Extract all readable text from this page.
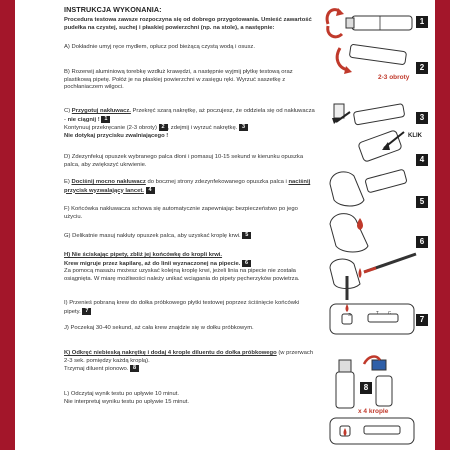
INSTRUKCJA WYKONANIA:
Procedura testowa zawsze rozpoczyna się od dobrego przygotowania. Umieść zawartość pudełka na czystej, suchej i płaskiej powierzchni (np. na stole), a następnie:
A) Dokładnie umyj ręce mydłem, opłucz pod bieżącą czystą wodą i osusz.
B) Rozerwij aluminiową torebkę wzdłuż krawędzi, a następnie wyjmij płytkę testową oraz plastikową pipetę. Połóż je na płaskiej powierzchni w zasięgu ręki. Wyrzuć saszetkę z pochłaniaczem wilgoci.
C) Przygotuj nakłuwacz. Przekręć szarą nakrętkę, aż poczujesz, że oddziela się od nakłuwacza - nie ciągnij ! 1
Kontynuuj przekręcanie (2-3 obroty) 2 , zdejmij i wyrzuć nakrętkę. 3
Nie dotykaj przycisku zwalniającego !
D) Zdezynfekuj opuszek wybranego palca dłoni i pomasuj 10-15 sekund w kierunku opuszka palca, aby zwiększyć ukrwienie.
E) Dociśnij mocno nakłuwacz do bocznej strony zdezynfekowanego opuszka palca i naciśnij przycisk wyzwalający lancet. 4
F) Końcówka nakłuwacza schowa się automatycznie zapewniając bezpieczeństwo po jego użyciu.
G) Delikatnie masuj nakłuty opuszek palca, aby uzyskać kroplę krwi. 5
H) Nie ściskając pipety, zbliż jej końcówkę do kropli krwi.
Krew migruje przez kapilarę, aż do linii wyznaczonej na pipecie. 6
Za pomocą masażu możesz uzyskać kolejną kroplę krwi, jeżeli linia na pipecie nie została osiągnięta. W miarę możliwości należy unikać wciągania do pipety pęcherzyków powietrza.
I) Przenieś pobraną krew do dołka próbkowego płytki testowej poprzez ściśnięcie końcówki pipety. 7
J) Poczekaj 30-40 sekund, aż cała krew znajdzie się w dołku próbkowym.
K) Odkręć niebieską nakrętkę i dodaj 4 krople diluentu do dołka próbkowego (w przerwach 2-3 sek. pomiędzy każdą kroplą).
Trzymaj diluent pionowo. 8
L) Odczytaj wynik testu po upływie 10 minut.
Nie interpretuj wyniku testu po upływie 15 minut.
2-3 obroty
KLIK
x 4 krople
S	T C
1
2
3
4
5
6
7
8
